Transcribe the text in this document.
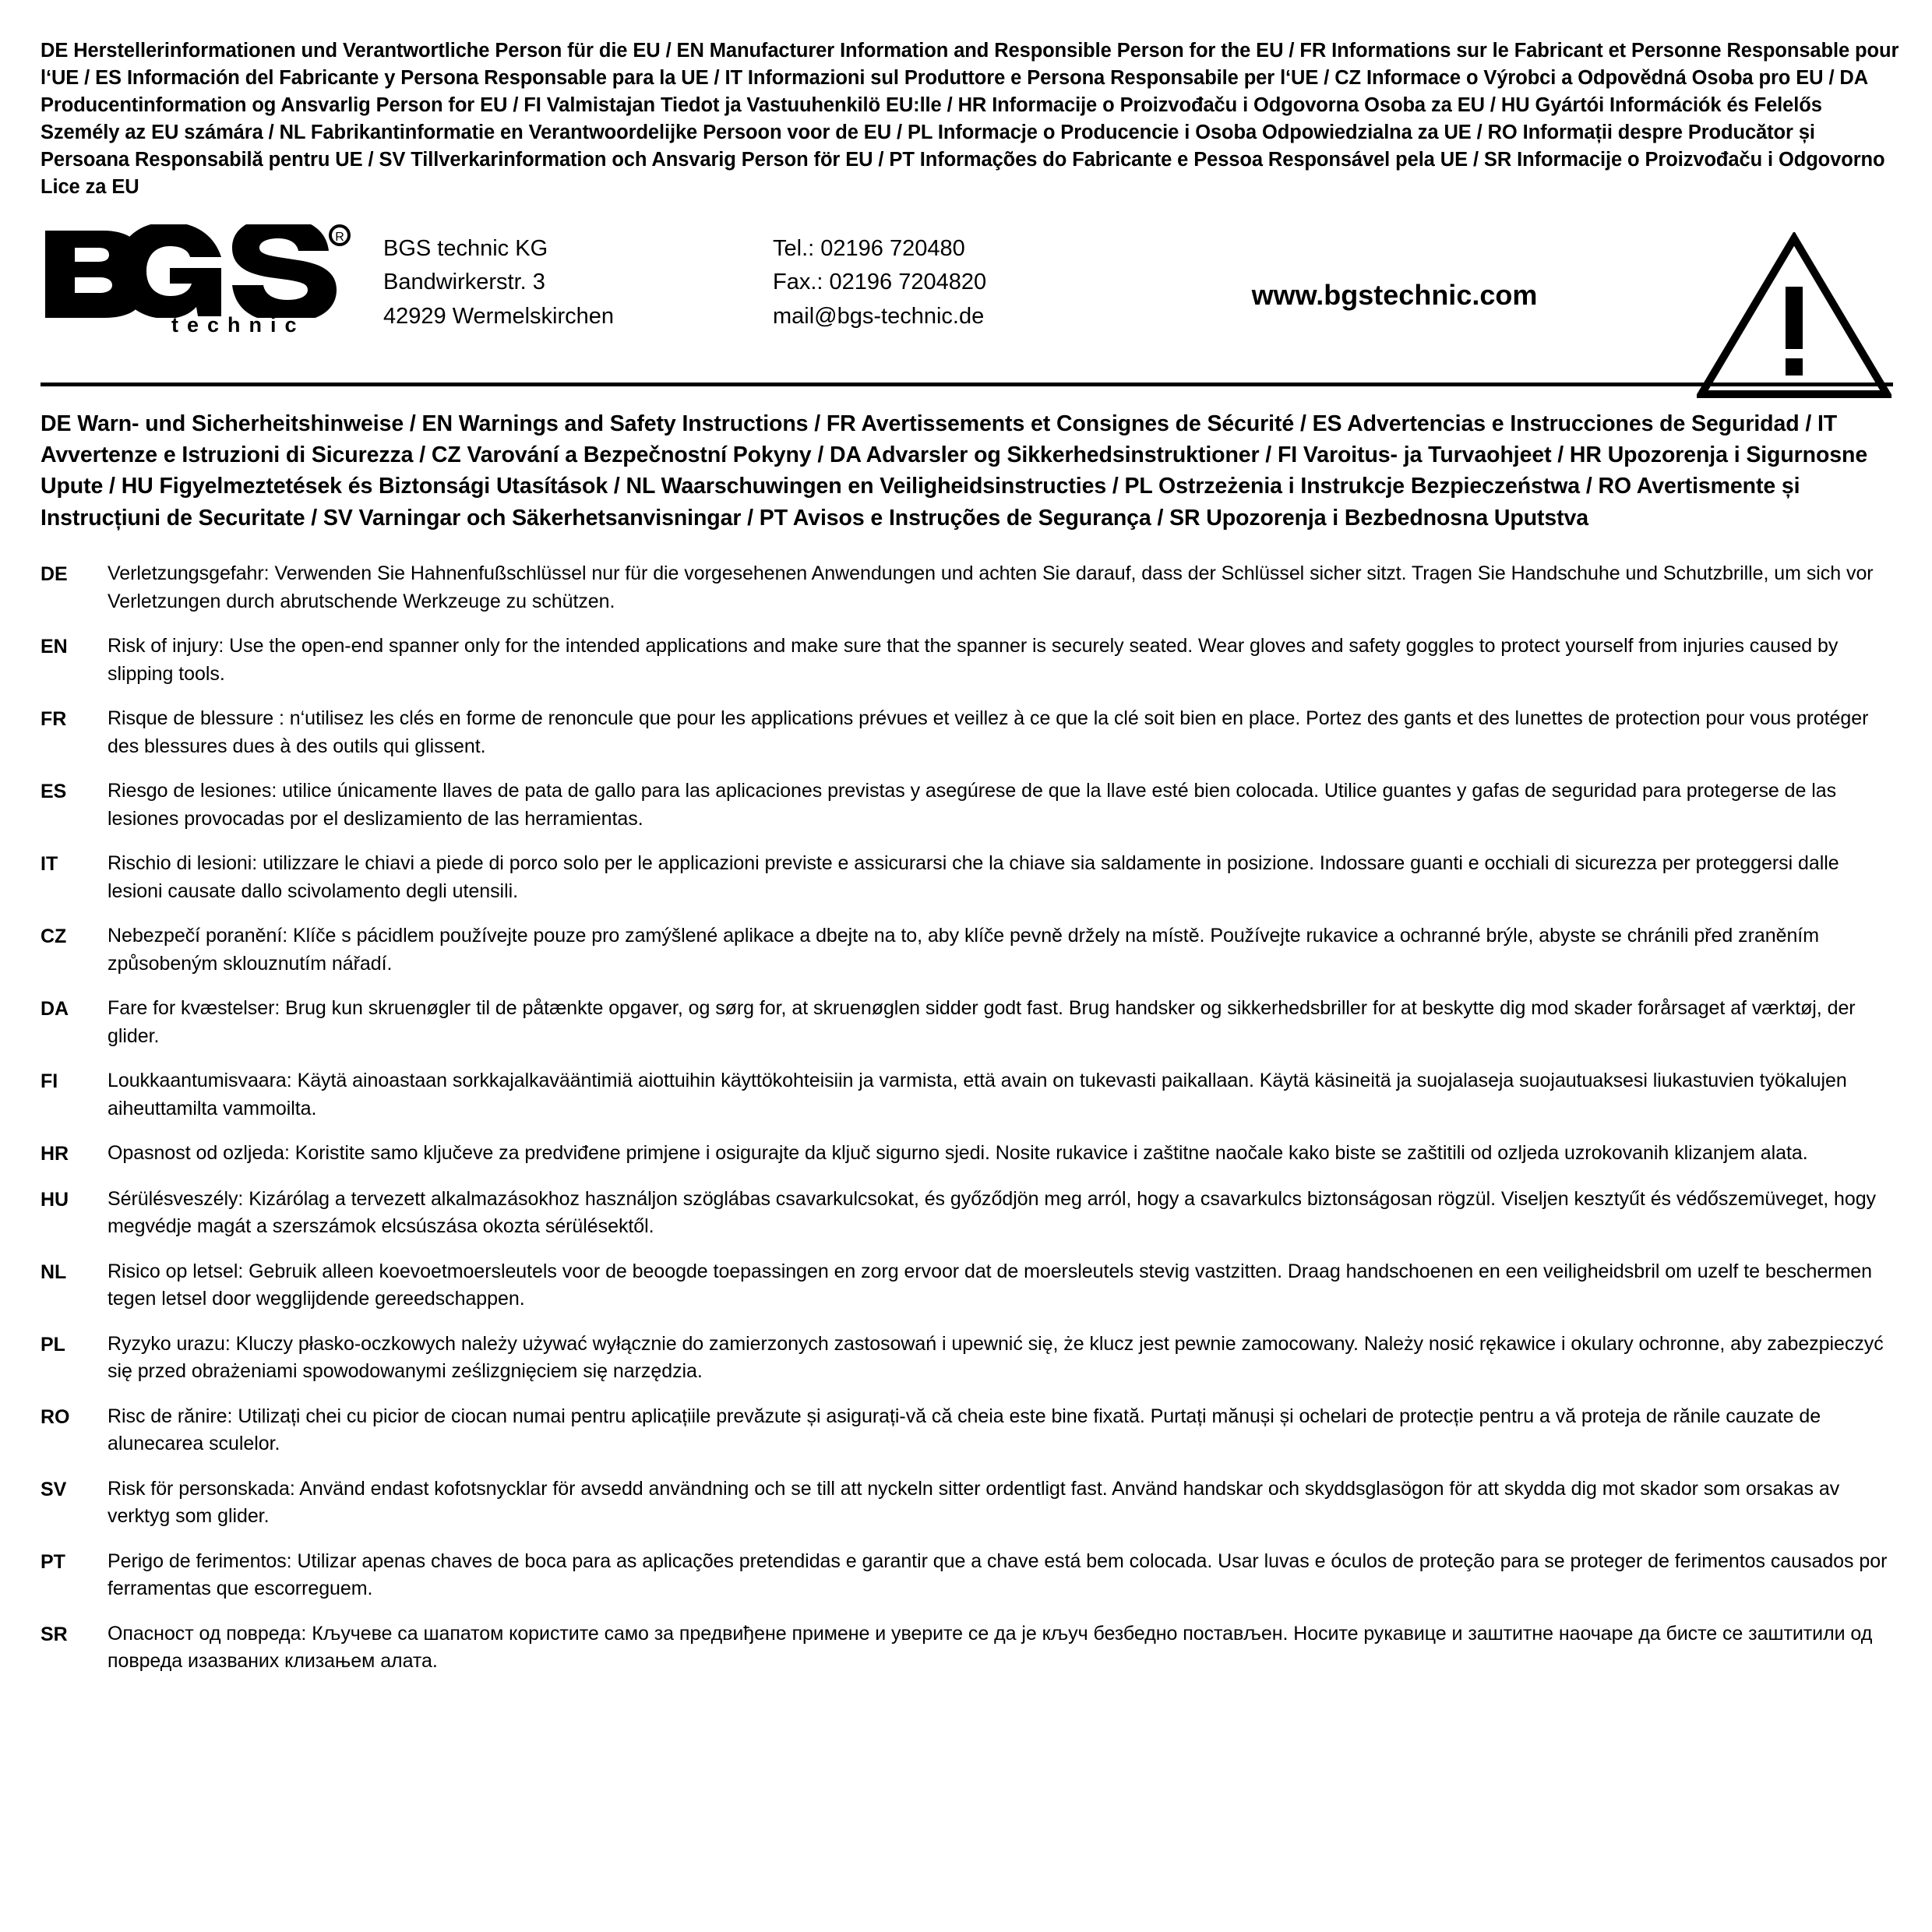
DE Herstellerinformationen und Verantwortliche Person für die EU / EN Manufacturer Information and Responsible Person for the EU / FR Informations sur le Fabricant et Personne Responsable pour l‘UE / ES Información del Fabricante y Persona Responsable para la UE / IT Informazioni sul Produttore e Persona Responsabile per l‘UE / CZ Informace o Výrobci a Odpovědná Osoba pro EU / DA Producentinformation og Ansvarlig Person for EU / FI Valmistajan Tiedot ja Vastuuhenkilö EU:lle / HR Informacije o Proizvođaču i Odgovorna Osoba za EU / HU Gyártói Információk és Felelős Személy az EU számára / NL Fabrikantinformatie en Verantwoordelijke Persoon voor de EU / PL Informacje o Producencie i Osoba Odpowiedzialna za UE / RO Informații despre Producător și Persoana Responsabilă pentru UE / SV Tillverkarinformation och Ansvarig Person för EU / PT Informações do Fabricante e Pessoa Responsável pela UE / SR Informacije o Proizvođaču i Odgovorno Lice za EU
R
technic
BGS technic KG
Bandwirkerstr. 3
42929 Wermelskirchen
Tel.: 02196 720480
Fax.: 02196 7204820
mail@bgs-technic.de
www.bgstechnic.com
DE Warn- und Sicherheitshinweise / EN Warnings and Safety Instructions / FR Avertissements et Consignes de Sécurité / ES Advertencias e Instrucciones de Seguridad / IT Avvertenze e Istruzioni di Sicurezza / CZ Varování a Bezpečnostní Pokyny / DA Advarsler og Sikkerhedsinstruktioner / FI Varoitus- ja Turvaohjeet / HR Upozorenja i Sigurnosne Upute / HU Figyelmeztetések és Biztonsági Utasítások / NL Waarschuwingen en Veiligheidsinstructies / PL Ostrzeżenia i Instrukcje Bezpieczeństwa / RO Avertismente și Instrucțiuni de Securitate / SV Varningar och Säkerhetsanvisningar / PT Avisos e Instruções de Segurança / SR Upozorenja i Bezbednosna Uputstva
DE	Verletzungsgefahr: Verwenden Sie Hahnenfußschlüssel nur für die vorgesehenen Anwendungen und achten Sie darauf, dass der Schlüssel sicher sitzt. Tragen Sie Handschuhe und Schutzbrille, um sich vor Verletzungen durch abrutschende Werkzeuge zu schützen.
EN	Risk of injury: Use the open-end spanner only for the intended applications and make sure that the spanner is securely seated. Wear gloves and safety goggles to protect yourself from injuries caused by slipping tools.
FR	Risque de blessure : n‘utilisez les clés en forme de renoncule que pour les applications prévues et veillez à ce que la clé soit bien en place. Portez des gants et des lunettes de protection pour vous protéger des blessures dues à des outils qui glissent.
ES	Riesgo de lesiones: utilice únicamente llaves de pata de gallo para las aplicaciones previstas y asegúrese de que la llave esté bien colocada. Utilice guantes y gafas de seguridad para protegerse de las lesiones provocadas por el deslizamiento de las herramientas.
IT	Rischio di lesioni: utilizzare le chiavi a piede di porco solo per le applicazioni previste e assicurarsi che la chiave sia saldamente in posizione. Indossare guanti e occhiali di sicurezza per proteggersi dalle lesioni causate dallo scivolamento degli utensili.
CZ	Nebezpečí poranění: Klíče s pácidlem používejte pouze pro zamýšlené aplikace a dbejte na to, aby klíče pevně držely na místě. Používejte rukavice a ochranné brýle, abyste se chránili před zraněním způsobeným sklouznutím nářadí.
DA	Fare for kvæstelser: Brug kun skruenøgler til de påtænkte opgaver, og sørg for, at skruenøglen sidder godt fast. Brug handsker og sikkerhedsbriller for at beskytte dig mod skader forårsaget af værktøj, der glider.
FI	Loukkaantumisvaara: Käytä ainoastaan sorkkajalkavääntimiä aiottuihin käyttökohteisiin ja varmista, että avain on tukevasti paikallaan. Käytä käsineitä ja suojalaseja suojautuaksesi liukastuvien työkalujen aiheuttamilta vammoilta.
HR	Opasnost od ozljeda: Koristite samo ključeve za predviđene primjene i osigurajte da ključ sigurno sjedi. Nosite rukavice i zaštitne naočale kako biste se zaštitili od ozljeda uzrokovanih klizanjem alata.
HU	Sérülésveszély: Kizárólag a tervezett alkalmazásokhoz használjon szöglábas csavarkulcsokat, és győződjön meg arról, hogy a csavarkulcs biztonságosan rögzül. Viseljen kesztyűt és védőszemüveget, hogy megvédje magát a szerszámok elcsúszása okozta sérülésektől.
NL	Risico op letsel: Gebruik alleen koevoetmoersleutels voor de beoogde toepassingen en zorg ervoor dat de moersleutels stevig vastzitten. Draag handschoenen en een veiligheidsbril om uzelf te beschermen tegen letsel door wegglijdende gereedschappen.
PL	Ryzyko urazu: Kluczy płasko-oczkowych należy używać wyłącznie do zamierzonych zastosowań i upewnić się, że klucz jest pewnie zamocowany. Należy nosić rękawice i okulary ochronne, aby zabezpieczyć się przed obrażeniami spowodowanymi ześlizgnięciem się narzędzia.
RO	Risc de rănire: Utilizați chei cu picior de ciocan numai pentru aplicațiile prevăzute și asigurați-vă că cheia este bine fixată. Purtați mănuși și ochelari de protecție pentru a vă proteja de rănile cauzate de alunecarea sculelor.
SV	Risk för personskada: Använd endast kofotsnycklar för avsedd användning och se till att nyckeln sitter ordentligt fast. Använd handskar och skyddsglasögon för att skydda dig mot skador som orsakas av verktyg som glider.
PT	Perigo de ferimentos: Utilizar apenas chaves de boca para as aplicações pretendidas e garantir que a chave está bem colocada. Usar luvas e óculos de proteção para se proteger de ferimentos causados por ferramentas que escorreguem.
SR	Опасност од повреда: Кључеве са шапатом користите само за предвиђене примене и уверите се да је кључ безбедно постављен. Носите рукавице и заштитне наочаре да бисте се заштитили од повреда изазваних клизањем алата.
